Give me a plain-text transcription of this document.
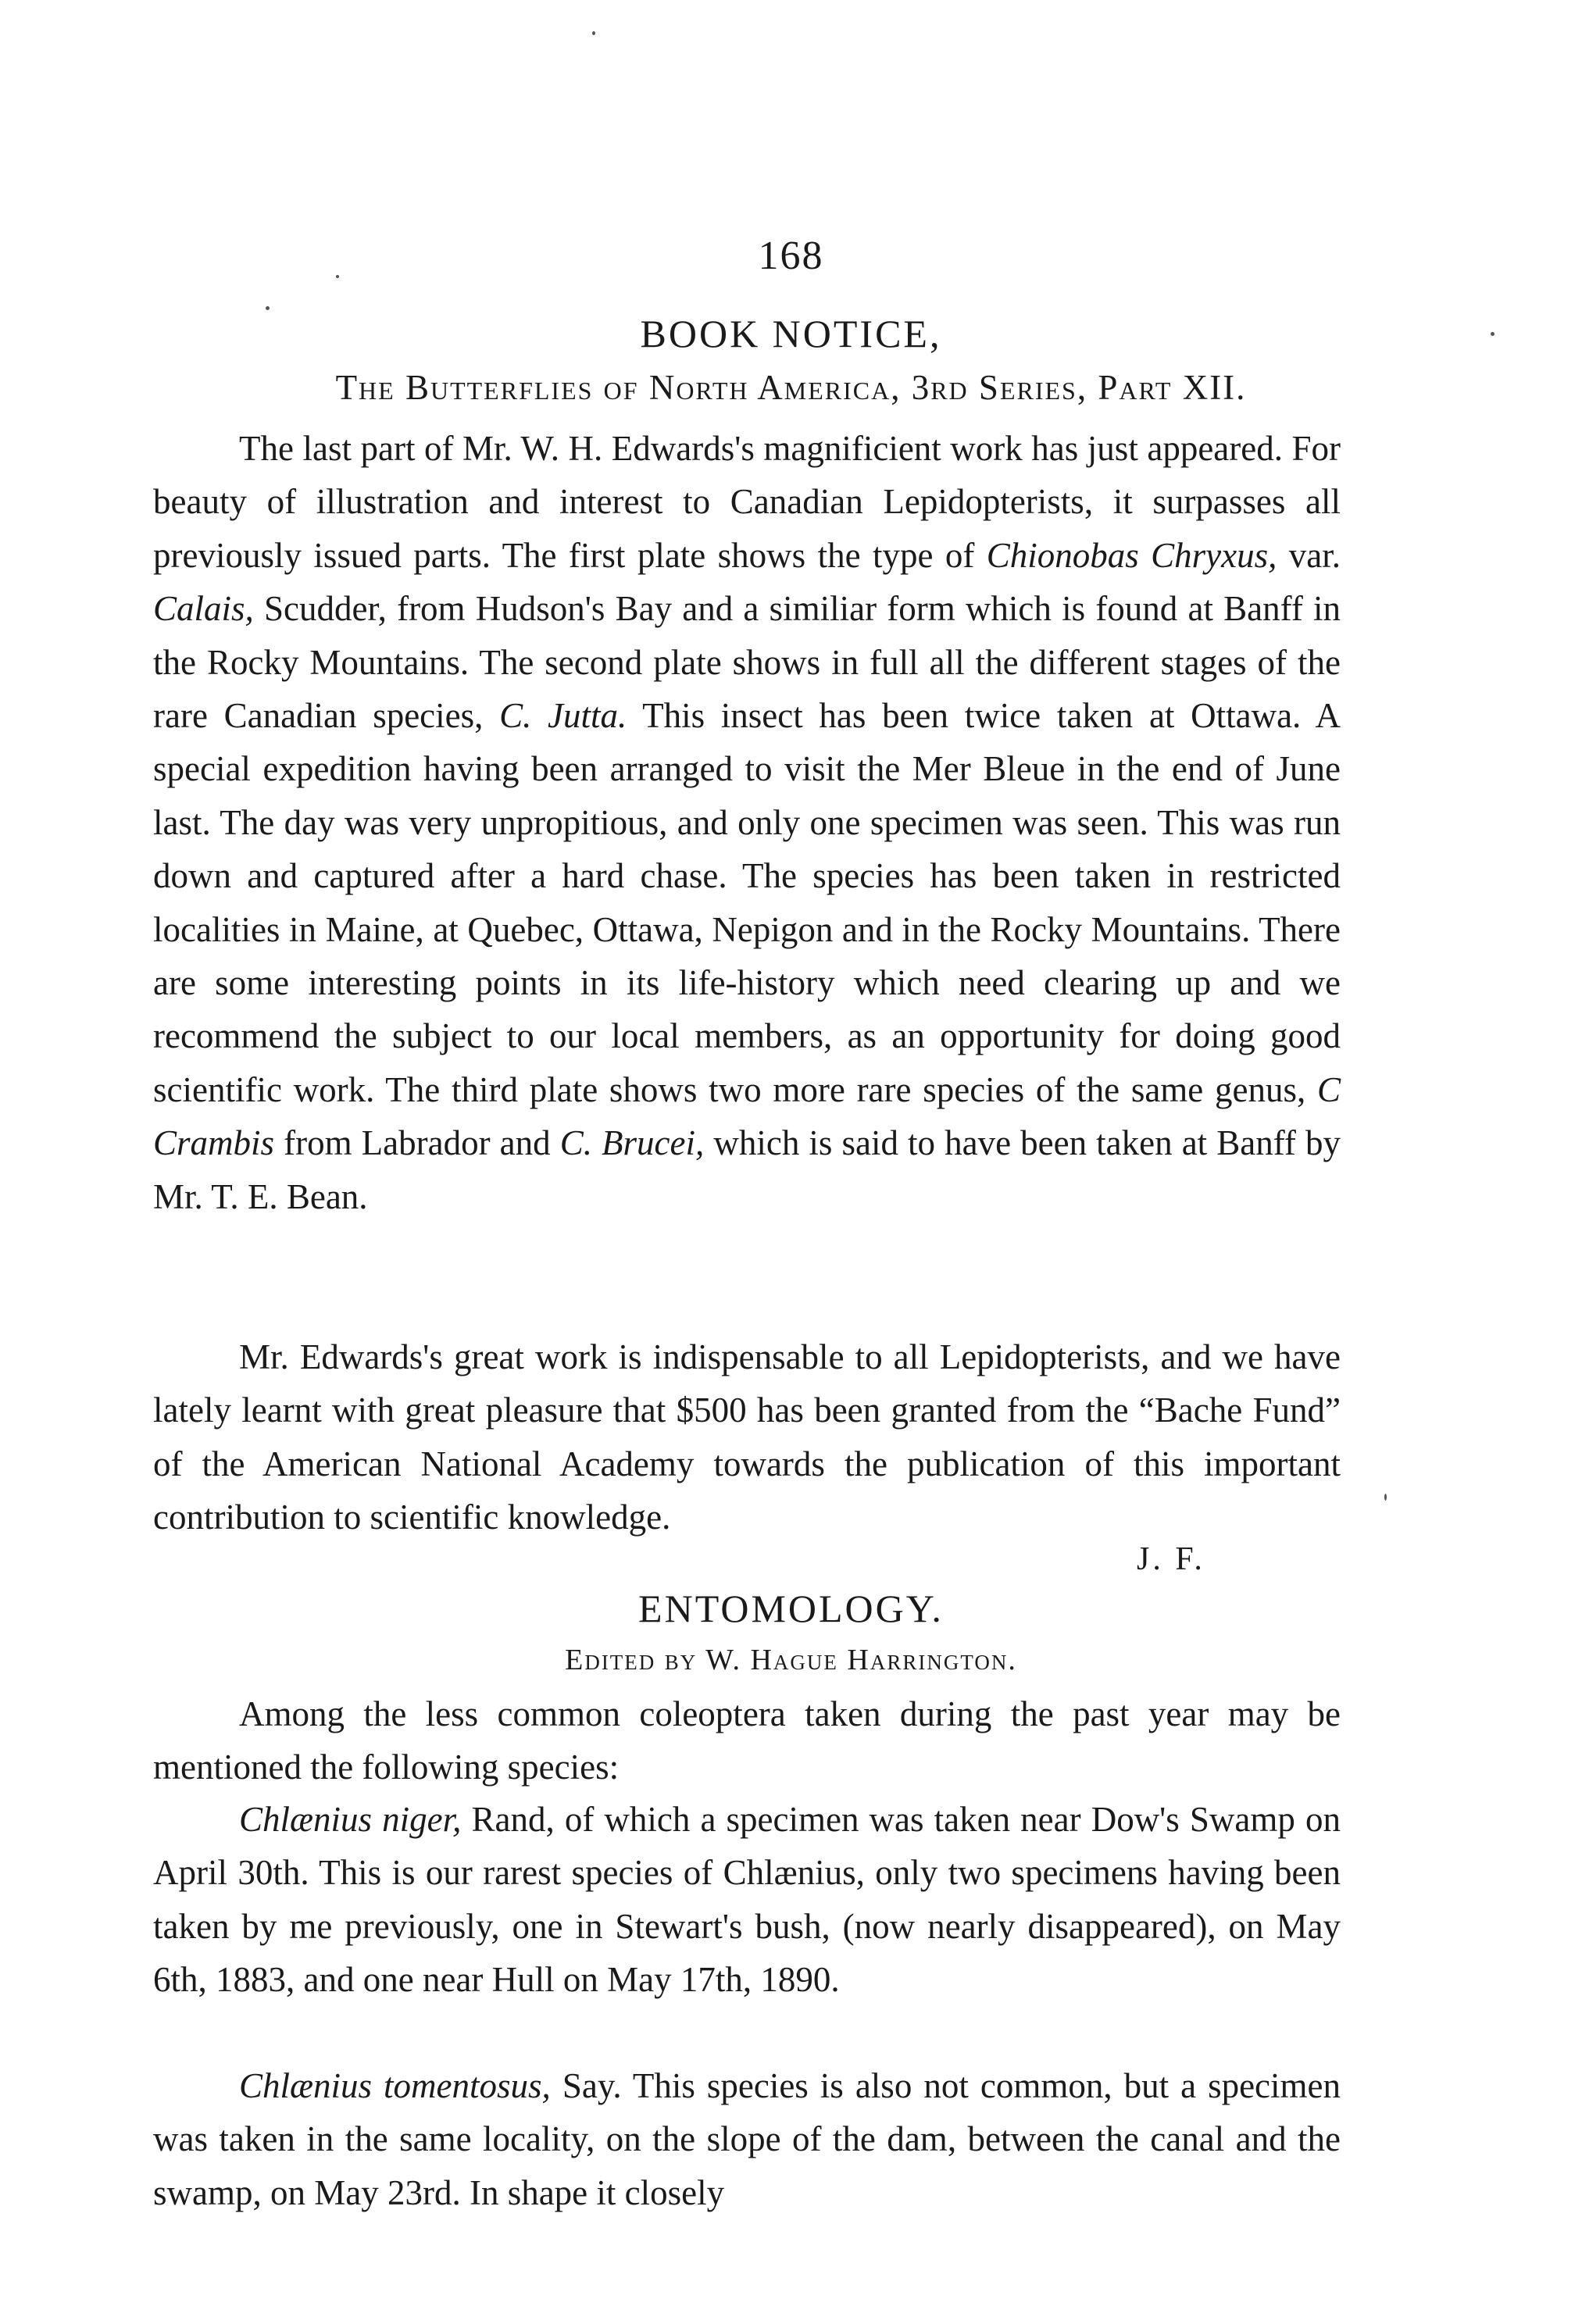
168
BOOK NOTICE,
The Butterflies of North America, 3rd Series, Part XII.

The last part of Mr. W. H. Edwards's magnificient work has just appeared. For beauty of illustration and interest to Canadian Lepidopterists, it surpasses all previously issued parts. The first plate shows the type of Chionobas Chryxus, var. Calais, Scudder, from Hudson's Bay and a similiar form which is found at Banff in the Rocky Mountains. The second plate shows in full all the different stages of the rare Canadian species, C. Jutta. This insect has been twice taken at Ottawa. A special expedition having been arranged to visit the Mer Bleue in the end of June last. The day was very unpropitious, and only one specimen was seen. This was run down and captured after a hard chase. The species has been taken in restricted localities in Maine, at Quebec, Ottawa, Nepigon and in the Rocky Mountains. There are some interesting points in its life-history which need clearing up and we recommend the subject to our local members, as an opportunity for doing good scientific work. The third plate shows two more rare species of the same genus, C Crambis from Labrador and C. Brucei, which is said to have been taken at Banff by Mr. T. E. Bean.

Mr. Edwards's great work is indispensable to all Lepidopterists, and we have lately learnt with great pleasure that $500 has been granted from the “Bache Fund” of the American National Academy towards the publication of this important contribution to scientific knowledge.

J. F.
ENTOMOLOGY.
Edited by W. Hague Harrington.

Among the less common coleoptera taken during the past year may be mentioned the following species:

Chlænius niger, Rand, of which a specimen was taken near Dow's Swamp on April 30th. This is our rarest species of Chlænius, only two specimens having been taken by me previously, one in Stewart's bush, (now nearly disappeared), on May 6th, 1883, and one near Hull on May 17th, 1890.

Chlænius tomentosus, Say. This species is also not common, but a specimen was taken in the same locality, on the slope of the dam, between the canal and the swamp, on May 23rd. In shape it closely
